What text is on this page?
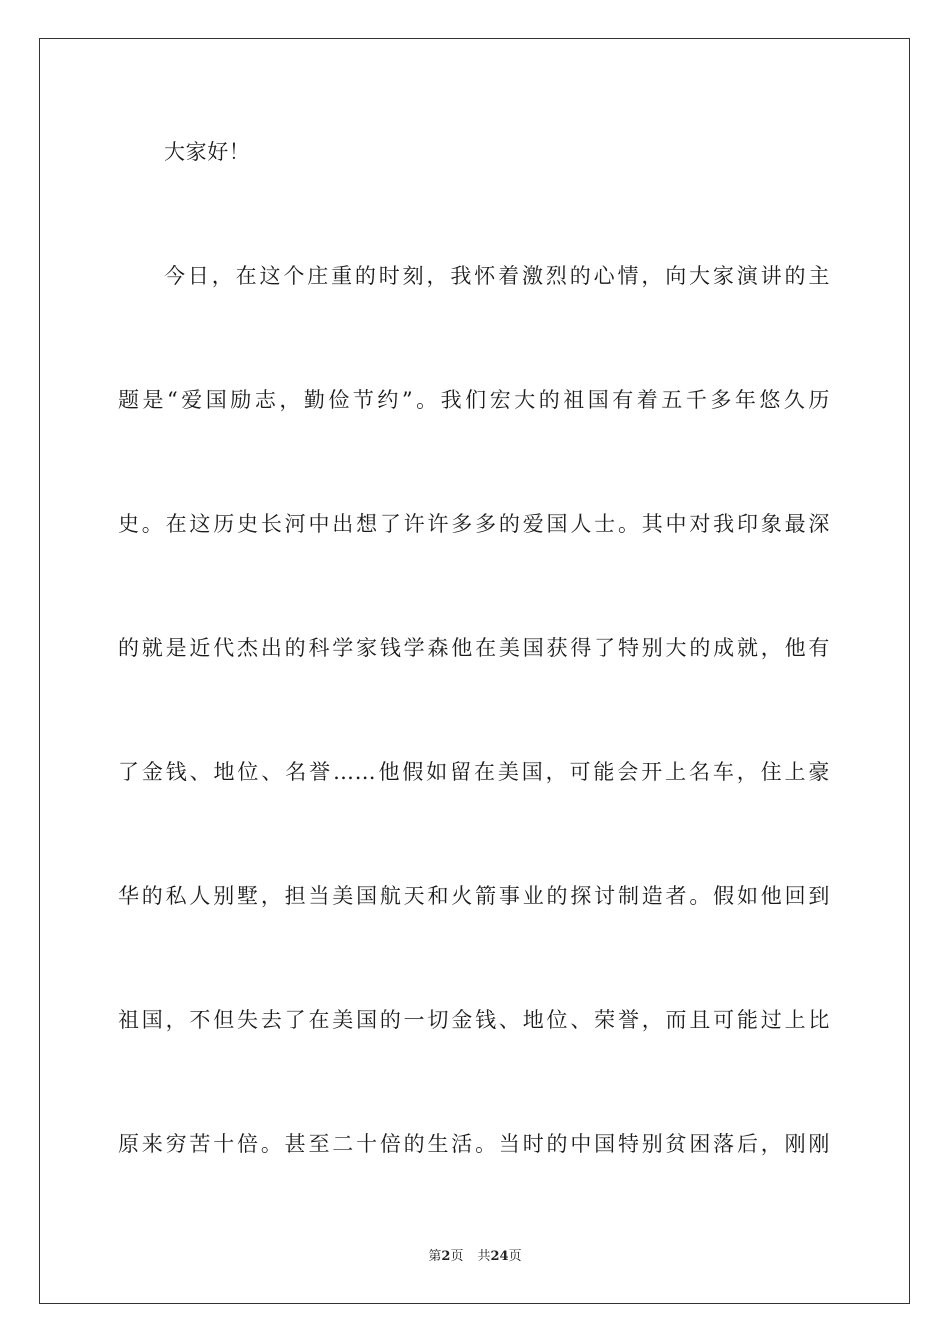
大家好！
今日，在这个庄重的时刻，我怀着激烈的心情，向大家演讲的主
题是“爱国励志，勤俭节约”。我们宏大的祖国有着五千多年悠久历
史。在这历史长河中出想了许许多多的爱国人士。其中对我印象最深
的就是近代杰出的科学家钱学森他在美国获得了特别大的成就，他有
了金钱、地位、名誉……他假如留在美国，可能会开上名车，住上豪
华的私人别墅，担当美国航天和火箭事业的探讨制造者。假如他回到
祖国，不但失去了在美国的一切金钱、地位、荣誉，而且可能过上比
原来穷苦十倍。甚至二十倍的生活。当时的中国特别贫困落后，刚刚
第2页 共24页
